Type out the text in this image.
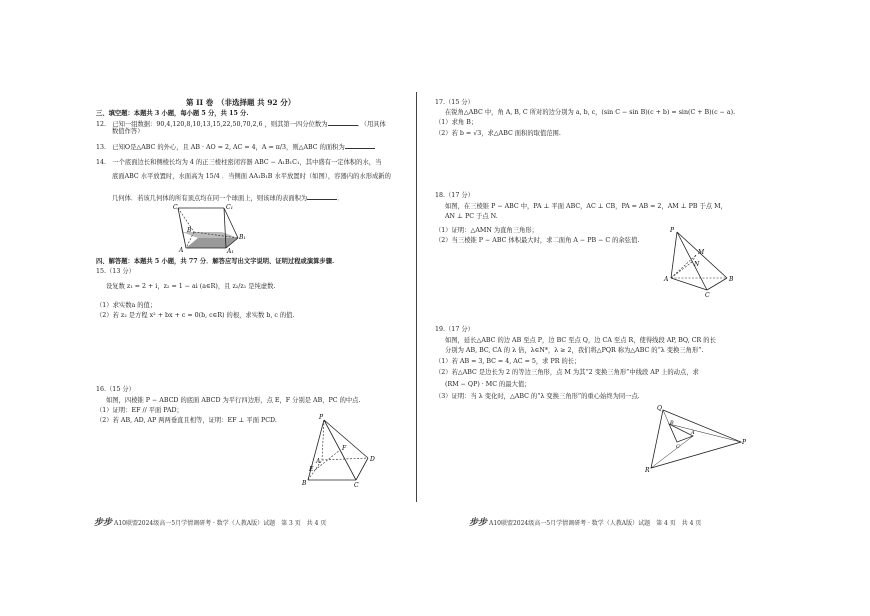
第 II 卷　（非选择题 共 92 分）
三、填空题：本题共 3 小题，每小题 5 分，共 15 分.
12.　已知一组数据：90,4,120,8,10,13,15,22,50,70,2,6 ，则其第一四分位数为	．（用具体
数值作答）
13.　已知O是△ABC 的外心，且 AB · AO = 2, AC = 4，A = π/3，则△ABC 的面积为
14.　一个底面边长和侧棱长均为 4 的正三棱柱密闭容器 ABC − A₁B₁C₁，其中盛有一定体积的水，当
底面ABC 水平放置时，水面高为 15/4 ．当侧面 AA₁B₁B 水平放置时（如图），容器内的水形成新的
几何体．若该几何体的所有顶点均在同一个球面上，则该球的表面积为	．
C	C₁
B
B₁
A	A₁
四、解答题：本题共 5 小题，共 77 分．解答应写出文字说明、证明过程或演算步骤.
15.（13 分）
设复数 z₁ = 2 + i，z₂ = 1 − ai (a∈R)，且 z₂/z₁ 是纯虚数.
（1）求实数a 的值；
（2）若 z₂ 是方程 x² + bx + c = 0(b, c∈R) 的根，求实数 b, c 的值.
16.（15 分）
如图，四棱锥 P − ABCD 的底面 ABCD 为平行四边形，点 E，F 分别是 AB，PC 的中点.
（1）证明：EF // 平面 PAD；
（2）若 AB, AD, AP 两两垂直且相等，证明：EF ⊥ 平面 PCD.	P
B	C
D
A
E
F
步步 A10联盟2024级高一5月学情调研考 · 数学（人教A版）试题　第 3 页　共 4 页
17.（15 分）
在锐角△ABC 中，角 A, B, C 所对的边分别为 a, b, c，(sin C − sin B)(c + b) = sin(C + B)(c − a).
（1）求角 B；
（2）若 b = √3，求△ABC 面积的取值范围.
18.（17 分）
如图，在三棱锥 P − ABC 中，PA ⊥ 平面 ABC，AC ⊥ CB，PA = AB = 2，AM ⊥ PB 于点 M，
AN ⊥ PC 于点 N.
（1）证明：△AMN 为直角三角形；
（2）当三棱锥 P − ABC 体积最大时，求二面角 A − PB − C 的余弦值.
P
A
C
B
M
N
19.（17 分）
如图，延长△ABC 的边 AB 至点 P，边 BC 至点 Q，边 CA 至点 R，使得线段 AP, BQ, CR 的长
分别为 AB, BC, CA 的 λ 倍，λ∈N*，λ ≥ 2，我们将△PQR 称为△ABC 的“λ 变换三角形”.
（1）若 AB = 3, BC = 4, AC = 5，求 PR 的长；
（2）若△ABC 是边长为 2 的等边三角形，点 M 为其“2 变换三角形”中线段 AP 上的动点，求
(RM − QP) · MC 的最大值；
（3）证明：当 λ 变化时，△ABC 的“λ 变换三角形”的重心始终为同一点.
Q
P
R
B
A
C
步步 A10联盟2024级高一5月学情调研考 · 数学（人教A版）试题　第 4 页　共 4 页
